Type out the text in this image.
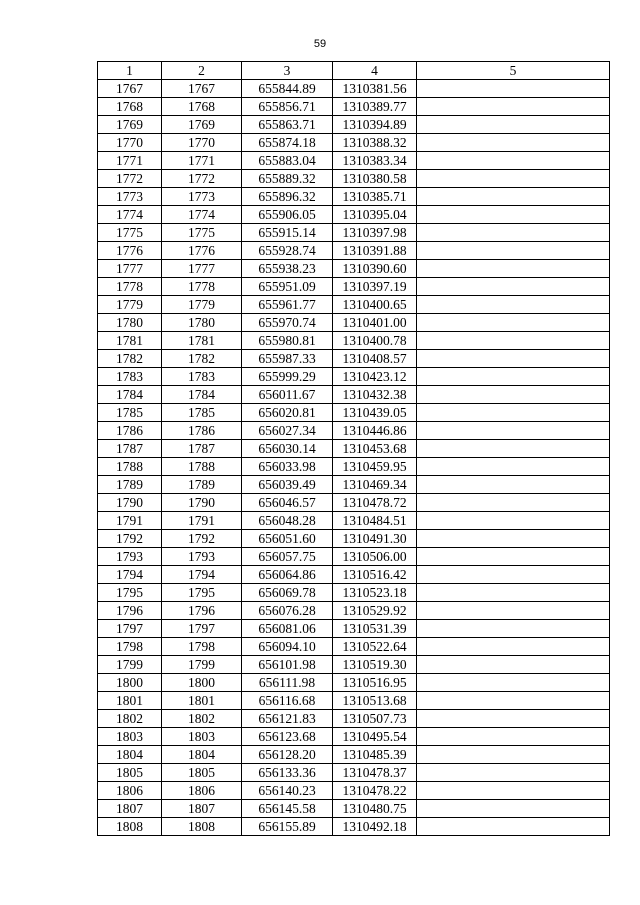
59
1	2	3	4	5
1767	1767	655844.89	1310381.56	
1768	1768	655856.71	1310389.77	
1769	1769	655863.71	1310394.89	
1770	1770	655874.18	1310388.32	
1771	1771	655883.04	1310383.34	
1772	1772	655889.32	1310380.58	
1773	1773	655896.32	1310385.71	
1774	1774	655906.05	1310395.04	
1775	1775	655915.14	1310397.98	
1776	1776	655928.74	1310391.88	
1777	1777	655938.23	1310390.60	
1778	1778	655951.09	1310397.19	
1779	1779	655961.77	1310400.65	
1780	1780	655970.74	1310401.00	
1781	1781	655980.81	1310400.78	
1782	1782	655987.33	1310408.57	
1783	1783	655999.29	1310423.12	
1784	1784	656011.67	1310432.38	
1785	1785	656020.81	1310439.05	
1786	1786	656027.34	1310446.86	
1787	1787	656030.14	1310453.68	
1788	1788	656033.98	1310459.95	
1789	1789	656039.49	1310469.34	
1790	1790	656046.57	1310478.72	
1791	1791	656048.28	1310484.51	
1792	1792	656051.60	1310491.30	
1793	1793	656057.75	1310506.00	
1794	1794	656064.86	1310516.42	
1795	1795	656069.78	1310523.18	
1796	1796	656076.28	1310529.92	
1797	1797	656081.06	1310531.39	
1798	1798	656094.10	1310522.64	
1799	1799	656101.98	1310519.30	
1800	1800	656111.98	1310516.95	
1801	1801	656116.68	1310513.68	
1802	1802	656121.83	1310507.73	
1803	1803	656123.68	1310495.54	
1804	1804	656128.20	1310485.39	
1805	1805	656133.36	1310478.37	
1806	1806	656140.23	1310478.22	
1807	1807	656145.58	1310480.75	
1808	1808	656155.89	1310492.18	
